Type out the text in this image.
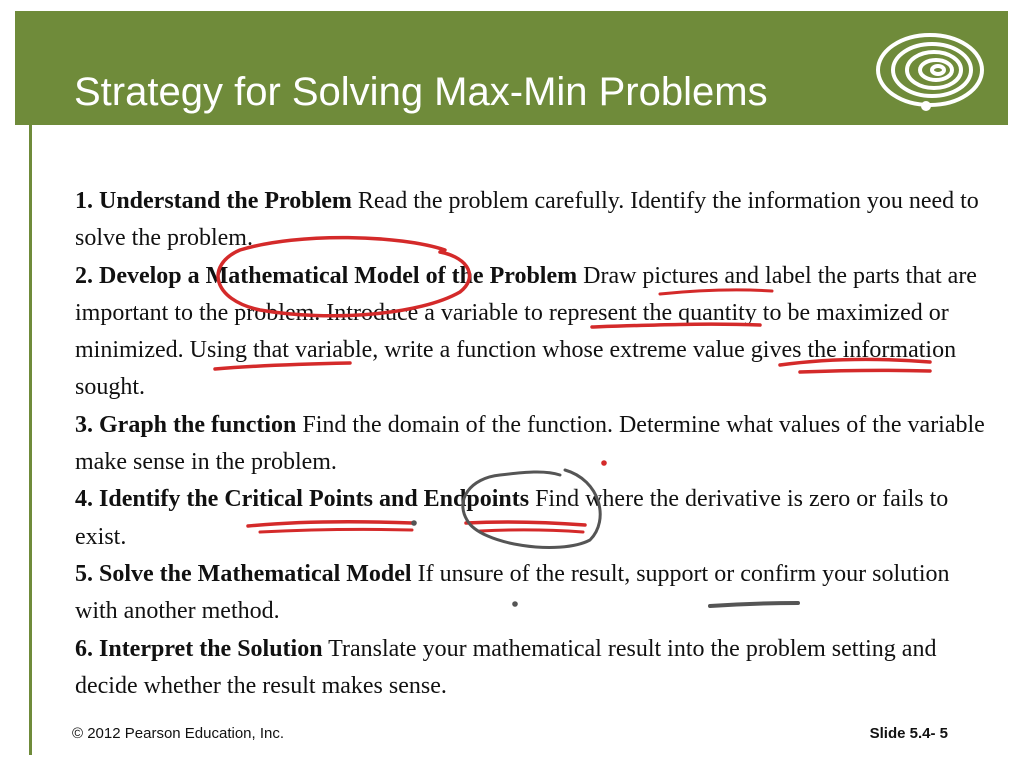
Strategy for Solving Max-Min Problems

1. Understand the Problem Read the problem carefully. Identify the information you need to solve the problem.

2. Develop a Mathematical Model of the Problem Draw pictures and label the parts that are important to the problem. Introduce a variable to represent the quantity to be maximized or minimized. Using that variable, write a function whose extreme value gives the information sought.

3. Graph the function Find the domain of the function. Determine what values of the variable make sense in the problem.

4. Identify the Critical Points and Endpoints Find where the derivative is zero or fails to exist.

5. Solve the Mathematical Model If unsure of the result, support or confirm your solution with another method.

6. Interpret the Solution Translate your mathematical result into the problem setting and decide whether the result makes sense.

© 2012 Pearson Education, Inc.	Slide 5.4- 5
